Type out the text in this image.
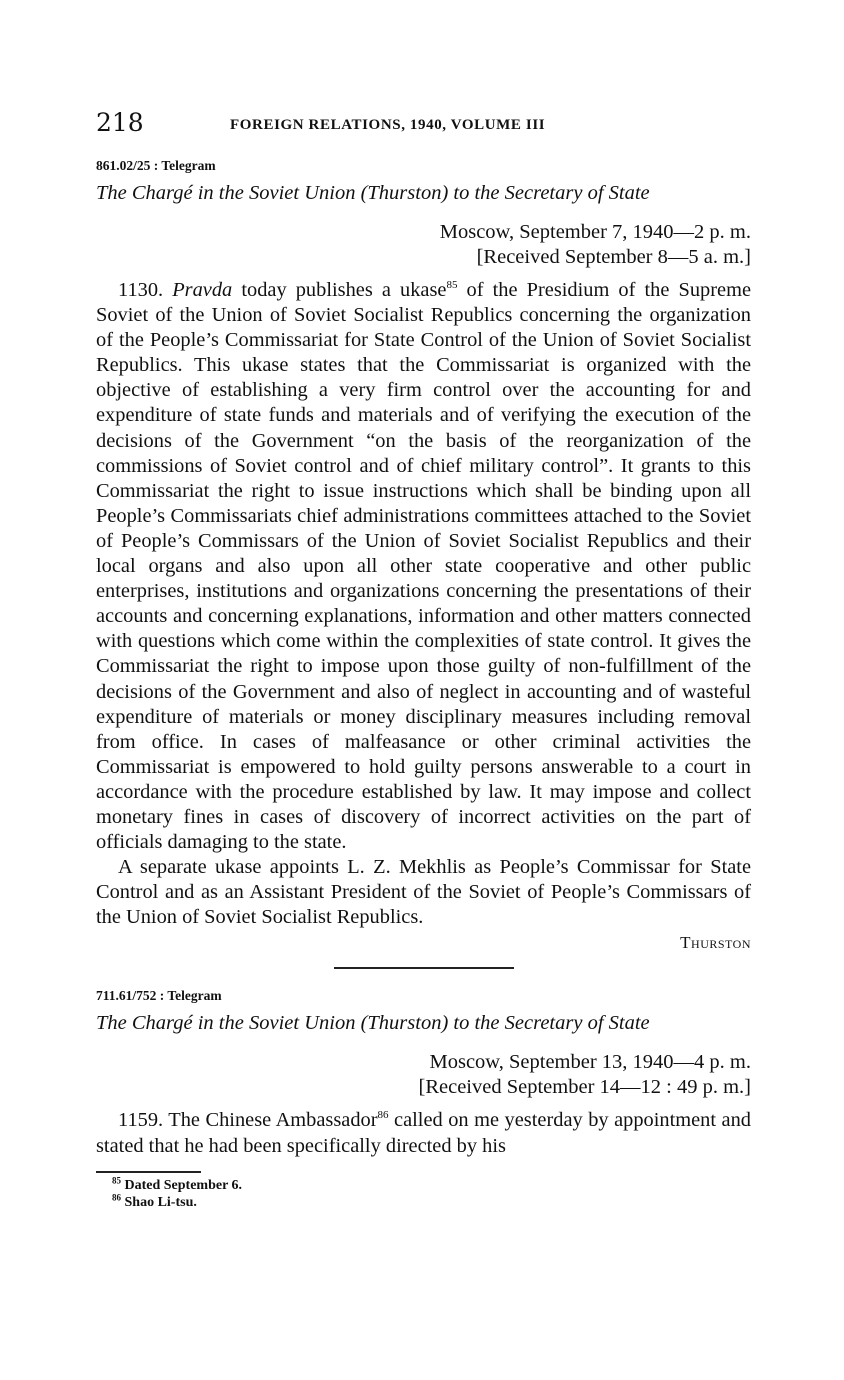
218	FOREIGN RELATIONS, 1940, VOLUME III
861.02/25 : Telegram
The Chargé in the Soviet Union (Thurston) to the Secretary of State
Moscow, September 7, 1940—2 p. m.
[Received September 8—5 a. m.]

1130. Pravda today publishes a ukase$^{85}$ of the Presidium of the Supreme Soviet of the Union of Soviet Socialist Republics concerning the organization of the People’s Commissariat for State Control of the Union of Soviet Socialist Republics. This ukase states that the Commissariat is organized with the objective of establishing a very firm control over the accounting for and expenditure of state funds and materials and of verifying the execution of the decisions of the Government “on the basis of the reorganization of the commissions of Soviet control and of chief military control”. It grants to this Commissariat the right to issue instructions which shall be binding upon all People’s Commissariats chief administrations committees attached to the Soviet of People’s Commissars of the Union of Soviet Socialist Republics and their local organs and also upon all other state cooperative and other public enterprises, institutions and organizations concerning the presentations of their accounts and concerning explanations, information and other matters connected with questions which come within the complexities of state control. It gives the Commissariat the right to impose upon those guilty of non-fulfillment of the decisions of the Government and also of neglect in accounting and of wasteful expenditure of materials or money disciplinary measures including removal from office. In cases of malfeasance or other criminal activities the Commissariat is empowered to hold guilty persons answerable to a court in accordance with the procedure established by law. It may impose and collect monetary fines in cases of discovery of incorrect activities on the part of officials damaging to the state.

A separate ukase appoints L. Z. Mekhlis as People’s Commissar for State Control and as an Assistant President of the Soviet of People’s Commissars of the Union of Soviet Socialist Republics.

Thurston
711.61/752 : Telegram
The Chargé in the Soviet Union (Thurston) to the Secretary of State
Moscow, September 13, 1940—4 p. m.
[Received September 14—12 : 49 p. m.]

1159. The Chinese Ambassador$^{86}$ called on me yesterday by appointment and stated that he had been specifically directed by his

$^{85}$ Dated September 6.
$^{86}$ Shao Li-tsu.
